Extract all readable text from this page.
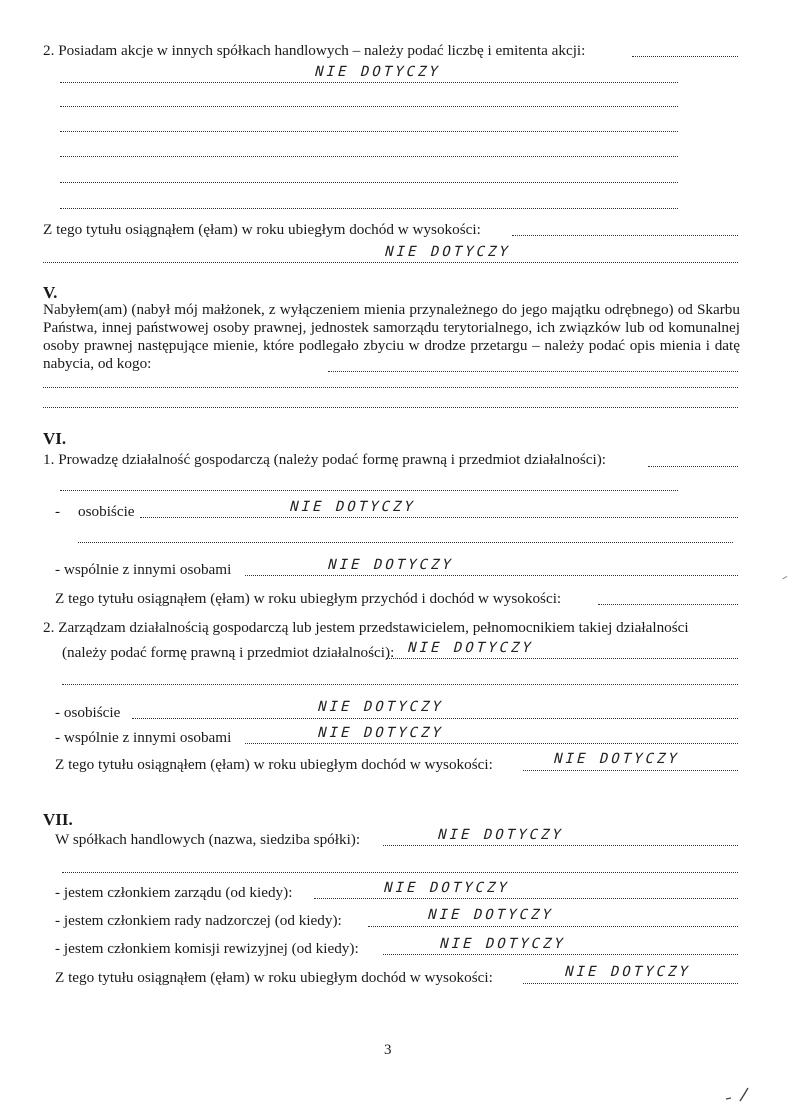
2. Posiadam akcje w innych spółkach handlowych – należy podać liczbę i emitenta akcji:
NIE DOTYCZY
Z tego tytułu osiągnąłem (ęłam) w roku ubiegłym dochód w wysokości:
NIE DOTYCZY
V.
Nabyłem(am) (nabył mój małżonek, z wyłączeniem mienia przynależnego do jego majątku odrębnego) od Skarbu Państwa, innej państwowej osoby prawnej, jednostek samorządu terytorialnego, ich związków lub od komunalnej osoby prawnej następujące mienie, które podlegało zbyciu w drodze przetargu – należy podać opis mienia i datę nabycia, od kogo:
VI.
1. Prowadzę działalność gospodarczą (należy podać formę prawną i przedmiot działalności):
- osobiście	NIE DOTYCZY
- wspólnie z innymi osobami	NIE DOTYCZY
Z tego tytułu osiągnąłem (ęłam) w roku ubiegłym przychód i dochód w wysokości:
2. Zarządzam działalnością gospodarczą lub jestem przedstawicielem, pełnomocnikiem takiej działalności
(należy podać formę prawną i przedmiot działalności): NIE DOTYCZY
- osobiście	NIE DOTYCZY
- wspólnie z innymi osobami	NIE DOTYCZY
Z tego tytułu osiągnąłem (ęłam) w roku ubiegłym dochód w wysokości:	NIE DOTYCZY
VII.
W spółkach handlowych (nazwa, siedziba spółki):	NIE DOTYCZY
- jestem członkiem zarządu (od kiedy):	NIE DOTYCZY
- jestem członkiem rady nadzorczej (od kiedy):	NIE DOTYCZY
- jestem członkiem komisji rewizyjnej (od kiedy):	NIE DOTYCZY
Z tego tytułu osiągnąłem (ęłam) w roku ubiegłym dochód w wysokości:	NIE DOTYCZY
3
